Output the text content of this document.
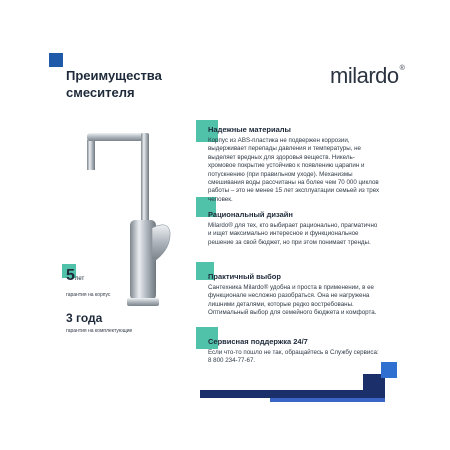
Преимущества
смесителя
milardo®
Надежные материалы
Корпус из ABS-пластика не подвержен коррозии, выдерживает перепады давления и температуры, не выделяет вредных для здоровья веществ. Никель-хромовое покрытие устойчиво к появлению царапин и потускнению (при правильном уходе). Механизмы смешивания воды рассчитаны на более чем 70 000 циклов работы – это не менее 15 лет эксплуатации семьей из трех человек.
Рациональный дизайн
Milardo® для тех, кто выбирает рационально, прагматично и ищет максимально интересное и функциональное решение за свой бюджет, но при этом понимает тренды.
Практичный выбор
Сантехника Milardo® удобна и проста в применении, в ее функционале несложно разобраться. Она не нагружена лишними деталями, которые редко востребованы. Оптимальный выбор для семейного бюджета и комфорта.
Сервисная поддержка 24/7
Если что-то пошло не так, обращайтесь в Службу сервиса: 8 800 234-77-67.
5лет
гарантия на корпус
3 года
гарантия на комплектующие
